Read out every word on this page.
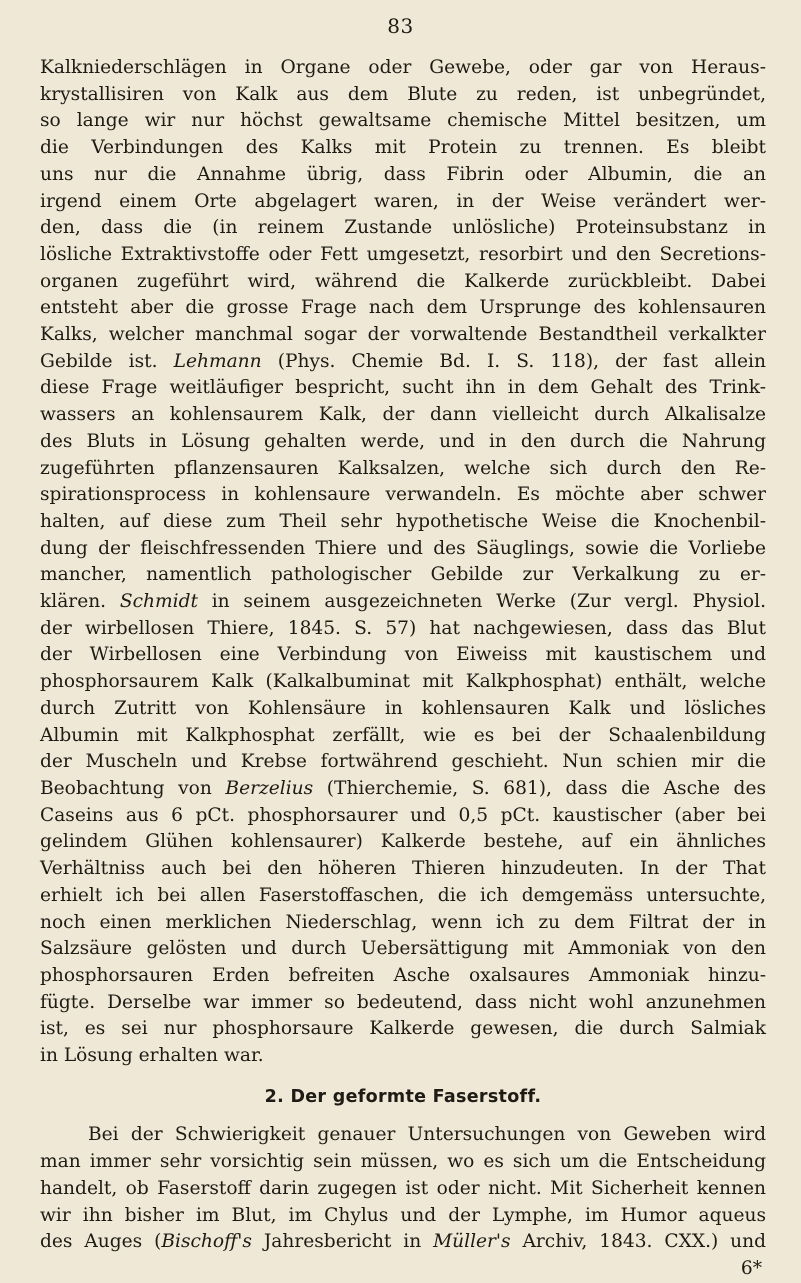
83

Kalkniederschlägen in Organe oder Gewebe, oder gar von Heraus-
krystallisiren von Kalk aus dem Blute zu reden, ist unbegründet,
so lange wir nur höchst gewaltsame chemische Mittel besitzen, um
die Verbindungen des Kalks mit Protein zu trennen. Es bleibt
uns nur die Annahme übrig, dass Fibrin oder Albumin, die an
irgend einem Orte abgelagert waren, in der Weise verändert wer-
den, dass die (in reinem Zustande unlösliche) Proteinsubstanz in
lösliche Extraktivstoffe oder Fett umgesetzt, resorbirt und den Secretions-
organen zugeführt wird, während die Kalkerde zurückbleibt. Dabei
entsteht aber die grosse Frage nach dem Ursprunge des kohlensauren
Kalks, welcher manchmal sogar der vorwaltende Bestandtheil verkalkter
Gebilde ist. Lehmann (Phys. Chemie Bd. I. S. 118), der fast allein
diese Frage weitläufiger bespricht, sucht ihn in dem Gehalt des Trink-
wassers an kohlensaurem Kalk, der dann vielleicht durch Alkalisalze
des Bluts in Lösung gehalten werde, und in den durch die Nahrung
zugeführten pflanzensauren Kalksalzen, welche sich durch den Re-
spirationsprocess in kohlensaure verwandeln. Es möchte aber schwer
halten, auf diese zum Theil sehr hypothetische Weise die Knochenbil-
dung der fleischfressenden Thiere und des Säuglings, sowie die Vorliebe
mancher, namentlich pathologischer Gebilde zur Verkalkung zu er-
klären. Schmidt in seinem ausgezeichneten Werke (Zur vergl. Physiol.
der wirbellosen Thiere, 1845. S. 57) hat nachgewiesen, dass das Blut
der Wirbellosen eine Verbindung von Eiweiss mit kaustischem und
phosphorsaurem Kalk (Kalkalbuminat mit Kalkphosphat) enthält, welche
durch Zutritt von Kohlensäure in kohlensauren Kalk und lösliches
Albumin mit Kalkphosphat zerfällt, wie es bei der Schaalenbildung
der Muscheln und Krebse fortwährend geschieht. Nun schien mir die
Beobachtung von Berzelius (Thierchemie, S. 681), dass die Asche des
Caseins aus 6 pCt. phosphorsaurer und 0,5 pCt. kaustischer (aber bei
gelindem Glühen kohlensaurer) Kalkerde bestehe, auf ein ähnliches
Verhältniss auch bei den höheren Thieren hinzudeuten. In der That
erhielt ich bei allen Faserstoffaschen, die ich demgemäss untersuchte,
noch einen merklichen Niederschlag, wenn ich zu dem Filtrat der in
Salzsäure gelösten und durch Uebersättigung mit Ammoniak von den
phosphorsauren Erden befreiten Asche oxalsaures Ammoniak hinzu-
fügte. Derselbe war immer so bedeutend, dass nicht wohl anzunehmen
ist, es sei nur phosphorsaure Kalkerde gewesen, die durch Salmiak
in Lösung erhalten war.

2. Der geformte Faserstoff.

Bei der Schwierigkeit genauer Untersuchungen von Geweben wird
man immer sehr vorsichtig sein müssen, wo es sich um die Entscheidung
handelt, ob Faserstoff darin zugegen ist oder nicht. Mit Sicherheit kennen
wir ihn bisher im Blut, im Chylus und der Lymphe, im Humor aqueus
des Auges (Bischoff's Jahresbericht in Müller's Archiv, 1843. CXX.) und

6*
